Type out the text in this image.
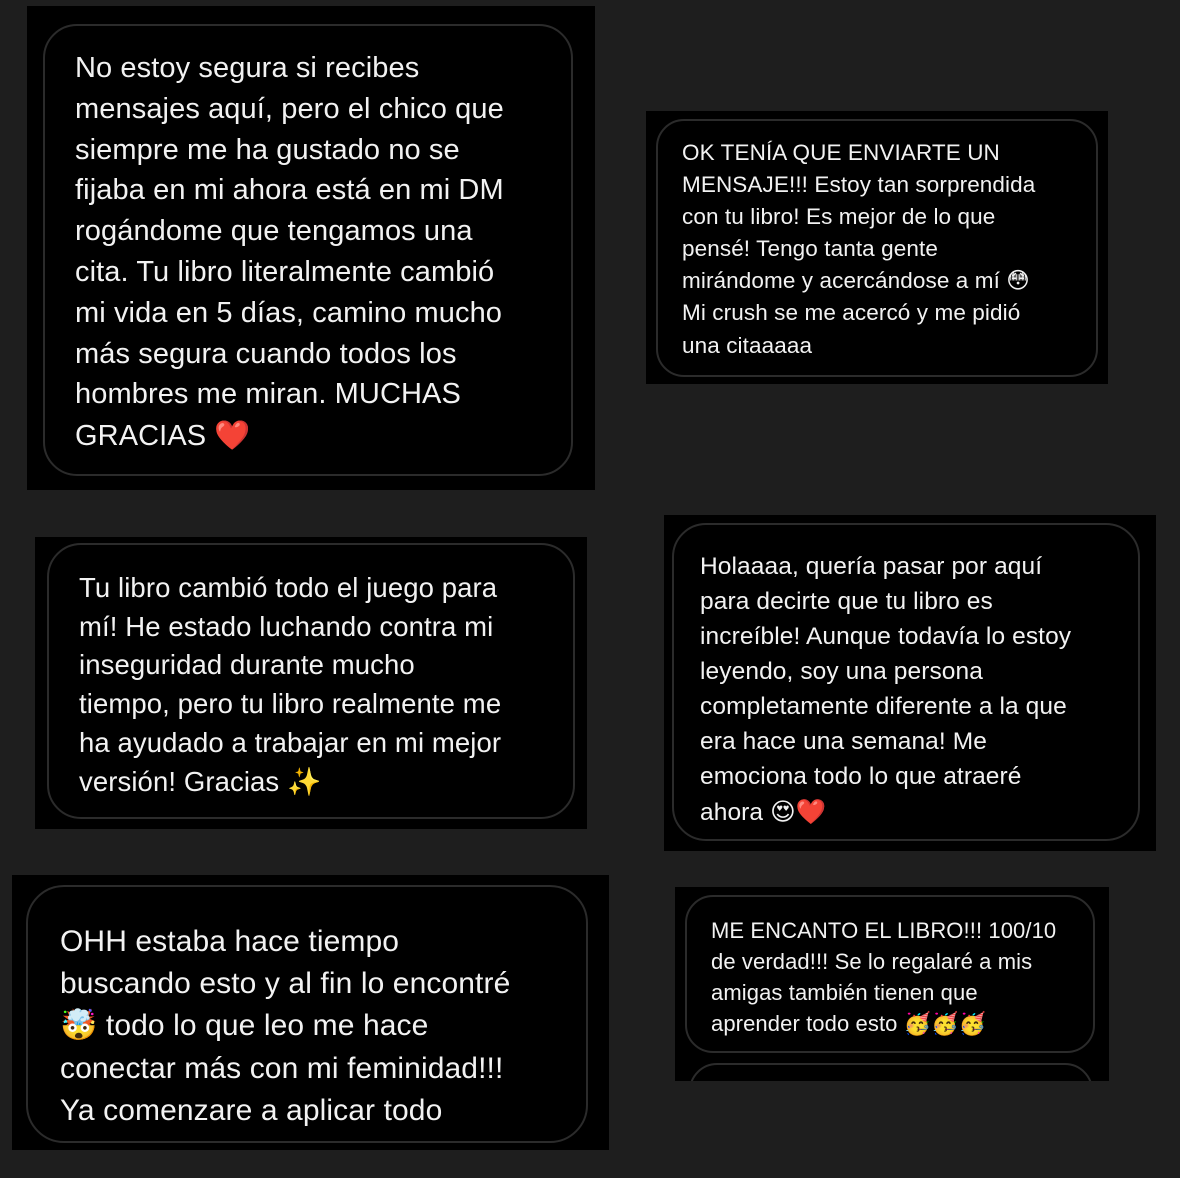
No estoy segura si recibes
mensajes aquí, pero el chico que
siempre me ha gustado no se
fijaba en mi ahora está en mi DM
rogándome que tengamos una
cita. Tu libro literalmente cambió
mi vida en 5 días, camino mucho
más segura cuando todos los
hombres me miran. MUCHAS
GRACIAS ❤️

OK TENÍA QUE ENVIARTE UN
MENSAJE!!! Estoy tan sorprendida
con tu libro! Es mejor de lo que
pensé! Tengo tanta gente
mirándome y acercándose a mí 😳
Mi crush se me acercó y me pidió
una citaaaaa

Tu libro cambió todo el juego para
mí! He estado luchando contra mi
inseguridad durante mucho
tiempo, pero tu libro realmente me
ha ayudado a trabajar en mi mejor
versión! Gracias ✨

Holaaaa, quería pasar por aquí
para decirte que tu libro es
increíble! Aunque todavía lo estoy
leyendo, soy una persona
completamente diferente a la que
era hace una semana! Me
emociona todo lo que atraeré
ahora 😍❤️

OHH estaba hace tiempo
buscando esto y al fin lo encontré
🤯 todo lo que leo me hace
conectar más con mi feminidad!!!
Ya comenzare a aplicar todo

ME ENCANTO EL LIBRO!!! 100/10
de verdad!!! Se lo regalaré a mis
amigas también tienen que
aprender todo esto 🥳🥳🥳
